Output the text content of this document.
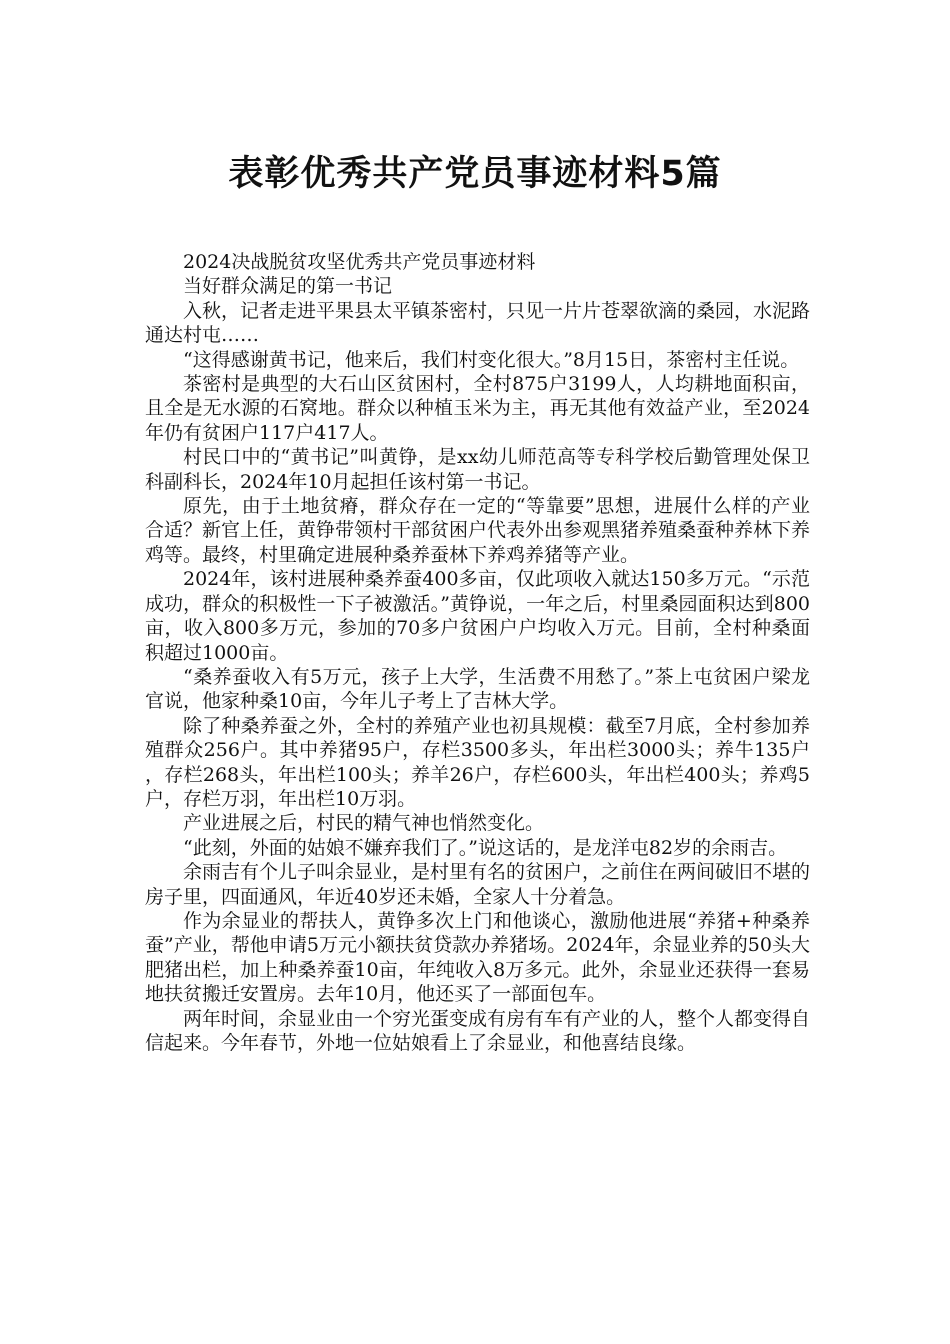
表彰优秀共产党员事迹材料5篇

2024决战脱贫攻坚优秀共产党员事迹材料

当好群众满足的第一书记

入秋，记者走进平果县太平镇茶密村，只见一片片苍翠欲滴的桑园，水泥路通达村屯……

“这得感谢黄书记，他来后，我们村变化很大。”8月15日，茶密村主任说。

茶密村是典型的大石山区贫困村，全村875户3199人，人均耕地面积亩，且全是无水源的石窝地。群众以种植玉米为主，再无其他有效益产业，至2024年仍有贫困户117户417人。

村民口中的“黄书记”叫黄铮，是xx幼儿师范高等专科学校后勤管理处保卫科副科长，2024年10月起担任该村第一书记。

原先，由于土地贫瘠，群众存在一定的“等靠要”思想，进展什么样的产业合适？新官上任，黄铮带领村干部贫困户代表外出参观黑猪养殖桑蚕种养林下养鸡等。最终，村里确定进展种桑养蚕林下养鸡养猪等产业。

2024年，该村进展种桑养蚕400多亩，仅此项收入就达150多万元。“示范成功，群众的积极性一下子被激活。”黄铮说，一年之后，村里桑园面积达到800亩，收入800多万元，参加的70多户贫困户户均收入万元。目前，全村种桑面积超过1000亩。

“桑养蚕收入有5万元，孩子上大学，生活费不用愁了。”茶上屯贫困户梁龙官说，他家种桑10亩，今年儿子考上了吉林大学。

除了种桑养蚕之外，全村的养殖产业也初具规模：截至7月底，全村参加养殖群众256户。其中养猪95户，存栏3500多头，年出栏3000头；养牛135户，存栏268头，年出栏100头；养羊26户，存栏600头，年出栏400头；养鸡5户，存栏万羽，年出栏10万羽。

产业进展之后，村民的精气神也悄然变化。

“此刻，外面的姑娘不嫌弃我们了。”说这话的，是龙洋屯82岁的余雨吉。

余雨吉有个儿子叫余显业，是村里有名的贫困户，之前住在两间破旧不堪的房子里，四面通风，年近40岁还未婚，全家人十分着急。

作为余显业的帮扶人，黄铮多次上门和他谈心，激励他进展“养猪+种桑养蚕”产业，帮他申请5万元小额扶贫贷款办养猪场。2024年，余显业养的50头大肥猪出栏，加上种桑养蚕10亩，年纯收入8万多元。此外，余显业还获得一套易地扶贫搬迁安置房。去年10月，他还买了一部面包车。

两年时间，余显业由一个穷光蛋变成有房有车有产业的人，整个人都变得自信起来。今年春节，外地一位姑娘看上了余显业，和他喜结良缘。
